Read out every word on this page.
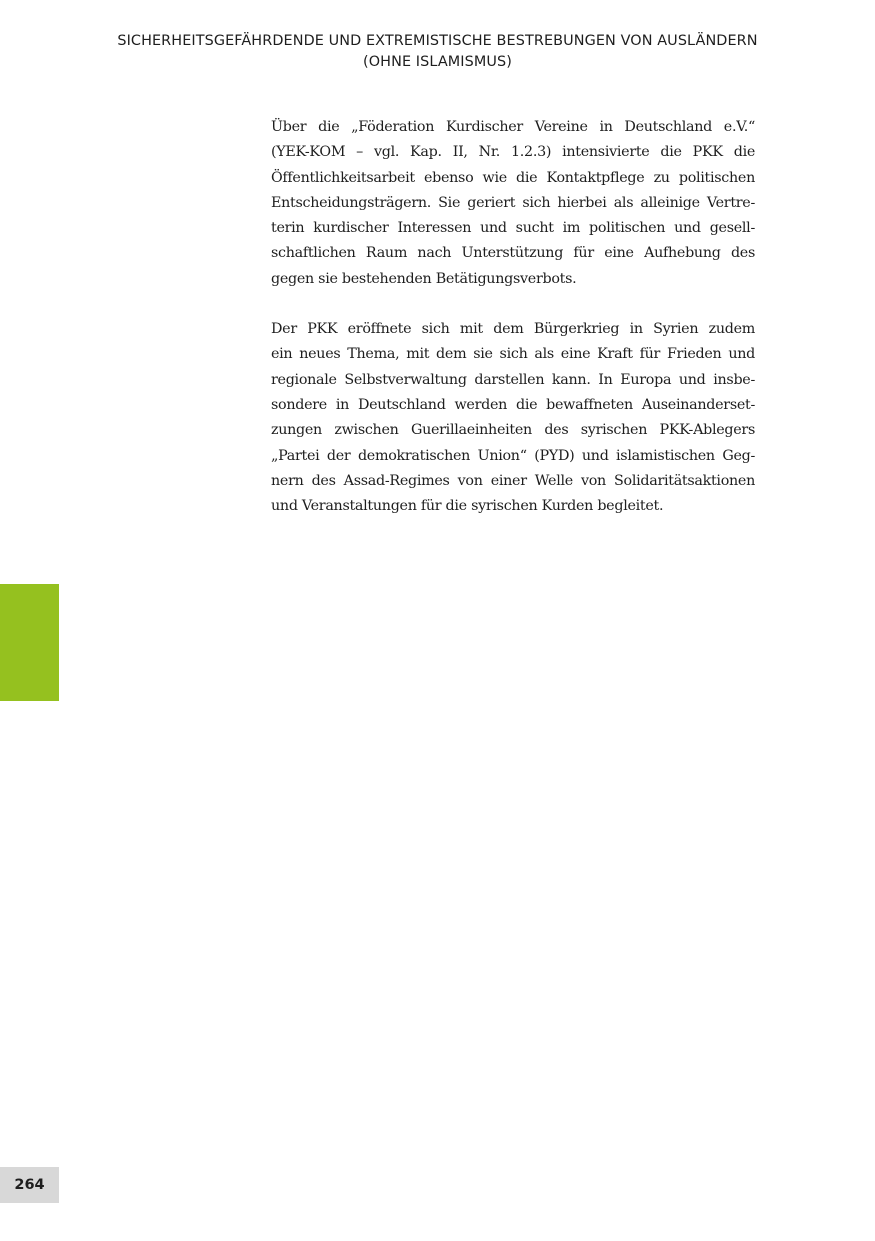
SICHERHEITSGEFÄHRDENDE UND EXTREMISTISCHE BESTREBUNGEN VON AUSLÄNDERN
(OHNE ISLAMISMUS)

Über die „Föderation Kurdischer Vereine in Deutschland e.V.“
(YEK-KOM – vgl. Kap. II, Nr. 1.2.3) intensivierte die PKK die
Öffentlichkeitsarbeit ebenso wie die Kontaktpflege zu politischen
Entscheidungsträgern. Sie geriert sich hierbei als alleinige Vertre-
terin kurdischer Interessen und sucht im politischen und gesell-
schaftlichen Raum nach Unterstützung für eine Aufhebung des
gegen sie bestehenden Betätigungsverbots.

Der PKK eröffnete sich mit dem Bürgerkrieg in Syrien zudem
ein neues Thema, mit dem sie sich als eine Kraft für Frieden und
regionale Selbstverwaltung darstellen kann. In Europa und insbe-
sondere in Deutschland werden die bewaffneten Auseinanderset-
zungen zwischen Guerillaeinheiten des syrischen PKK-Ablegers
„Partei der demokratischen Union“ (PYD) und islamistischen Geg-
nern des Assad-Regimes von einer Welle von Solidaritätsaktionen
und Veranstaltungen für die syrischen Kurden begleitet.

264
